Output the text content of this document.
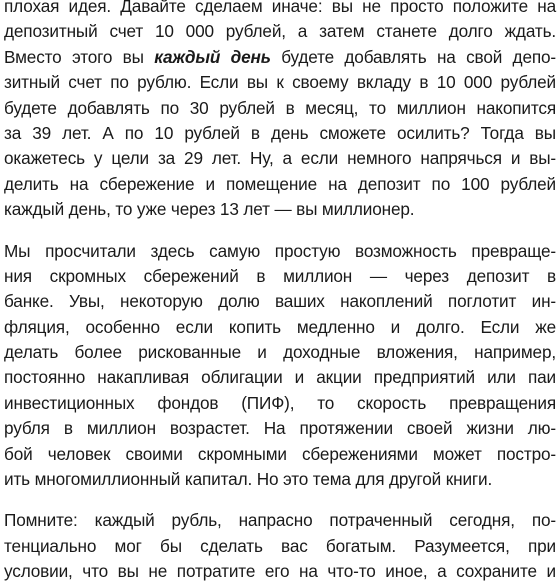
плохая идея. Давайте сделаем иначе: вы не просто положите на
депозитный счет 10 000 рублей, а затем станете долго ждать.
Вместо этого вы каждый день будете добавлять на свой депо-
зитный счет по рублю. Если вы к своему вкладу в 10 000 рублей
будете добавлять по 30 рублей в месяц, то миллион накопится
за 39 лет. А по 10 рублей в день сможете осилить? Тогда вы
окажетесь у цели за 29 лет. Ну, а если немного напрячься и вы-
делить на сбережение и помещение на депозит по 100 рублей
каждый день, то уже через 13 лет — вы миллионер.
Мы просчитали здесь самую простую возможность превраще-
ния скромных сбережений в миллион — через депозит в
банке. Увы, некоторую долю ваших накоплений поглотит ин-
фляция, особенно если копить медленно и долго. Если же
делать более рискованные и доходные вложения, например,
постоянно накапливая облигации и акции предприятий или паи
инвестиционных фондов (ПИФ), то скорость превращения
рубля в миллион возрастет. На протяжении своей жизни лю-
бой человек своими скромными сбережениями может постро-
ить многомиллионный капитал. Но это тема для другой книги.
Помните: каждый рубль, напрасно потраченный сегодня, по-
тенциально мог бы сделать вас богатым. Разумеется, при
условии, что вы не потратите его на что-то иное, а сохраните и
